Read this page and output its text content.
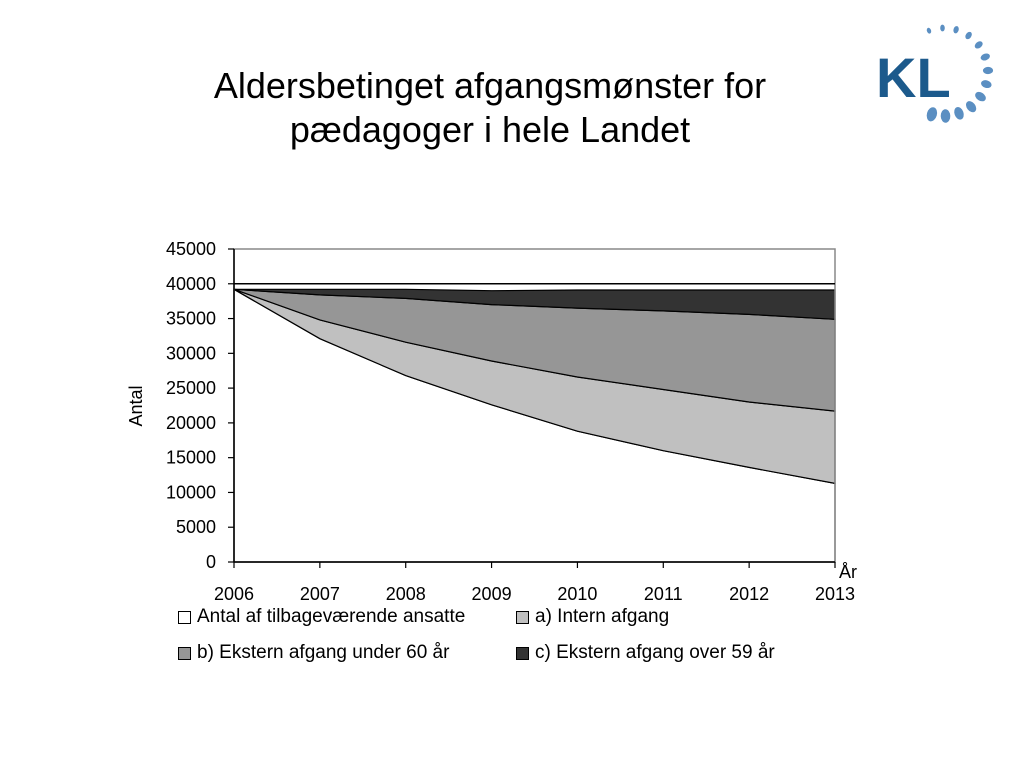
Aldersbetinget afgangsmønster for
pædagoger i hele Landet
KL
0
5000
10000
15000
20000
25000
30000
35000
40000
45000
2006	2007	2008	2009	2010	2011	2012	2013
Antal
År
Antal af tilbageværende ansatte	a) Intern afgang
b) Ekstern afgang under 60 år	c) Ekstern afgang over 59 år
